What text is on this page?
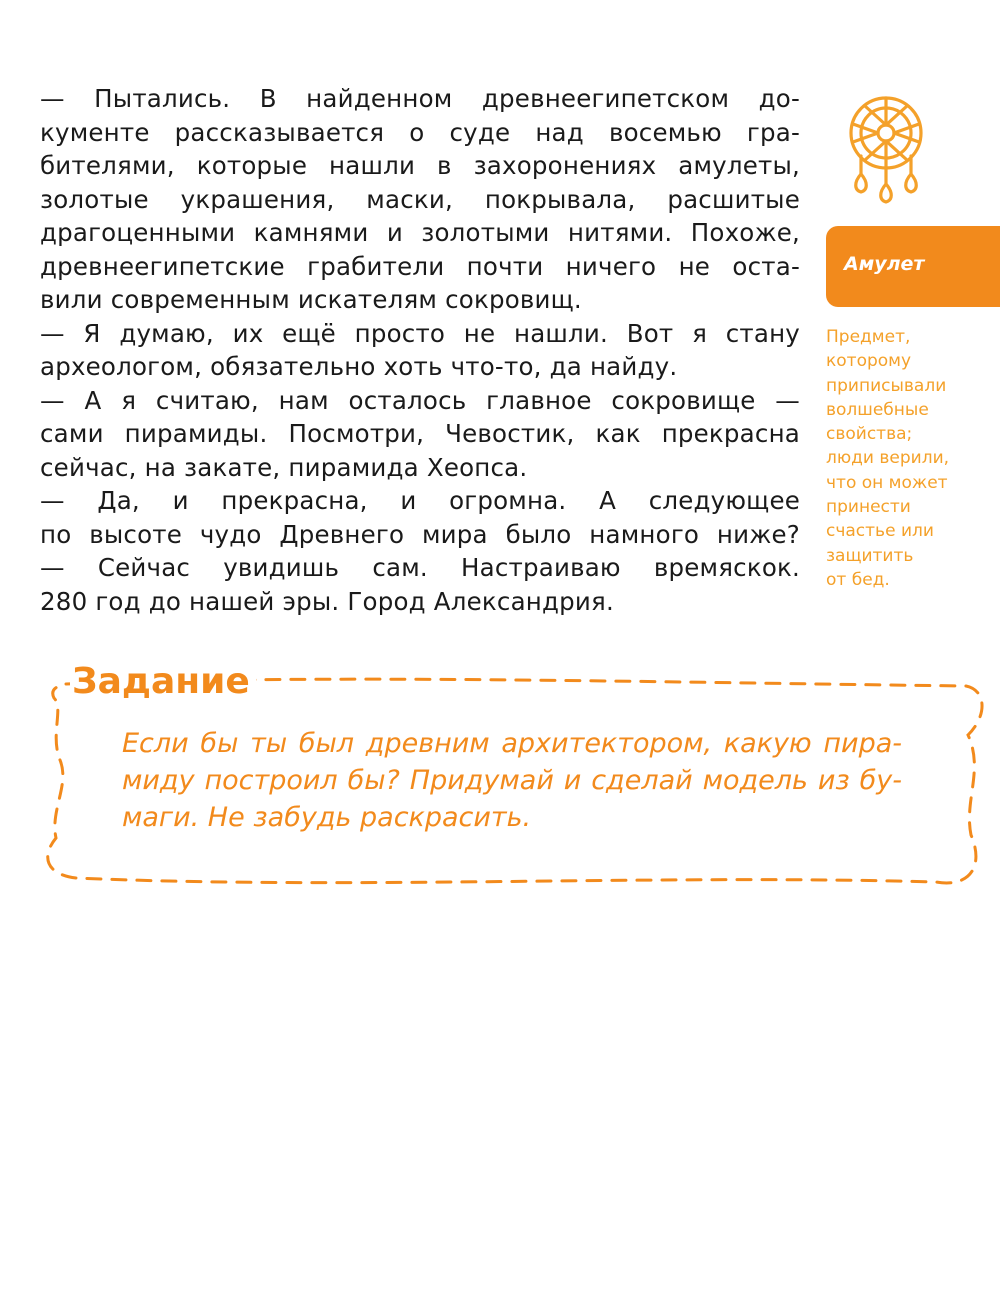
— Пытались. В найденном древнеегипетском до-
кументе рассказывается о суде над восемью гра-
бителями, которые нашли в захоронениях амулеты,
золотые украшения, маски, покрывала, расшитые
драгоценными камнями и золотыми нитями. Похоже,
древнеегипетские грабители почти ничего не оста-
вили современным искателям сокровищ.
— Я думаю, их ещё просто не нашли. Вот я стану
археологом, обязательно хоть что-то, да найду.
— А я считаю, нам осталось главное сокровище —
сами пирамиды. Посмотри, Чевостик, как прекрасна
сейчас, на закате, пирамида Хеопса.
— Да, и прекрасна, и огромна. А следующее
по высоте чудо Древнего мира было намного ниже?
— Сейчас увидишь сам. Настраиваю времяскок.
280 год до нашей эры. Город Александрия.
Амулет
Предмет,
которому
приписывали
волшебные
свойства;
люди верили,
что он может
принести
счастье или
защитить
от бед.
Задание
Если бы ты был древним архитектором, какую пира-
миду построил бы? Придумай и сделай модель из бу-
маги. Не забудь раскрасить.
